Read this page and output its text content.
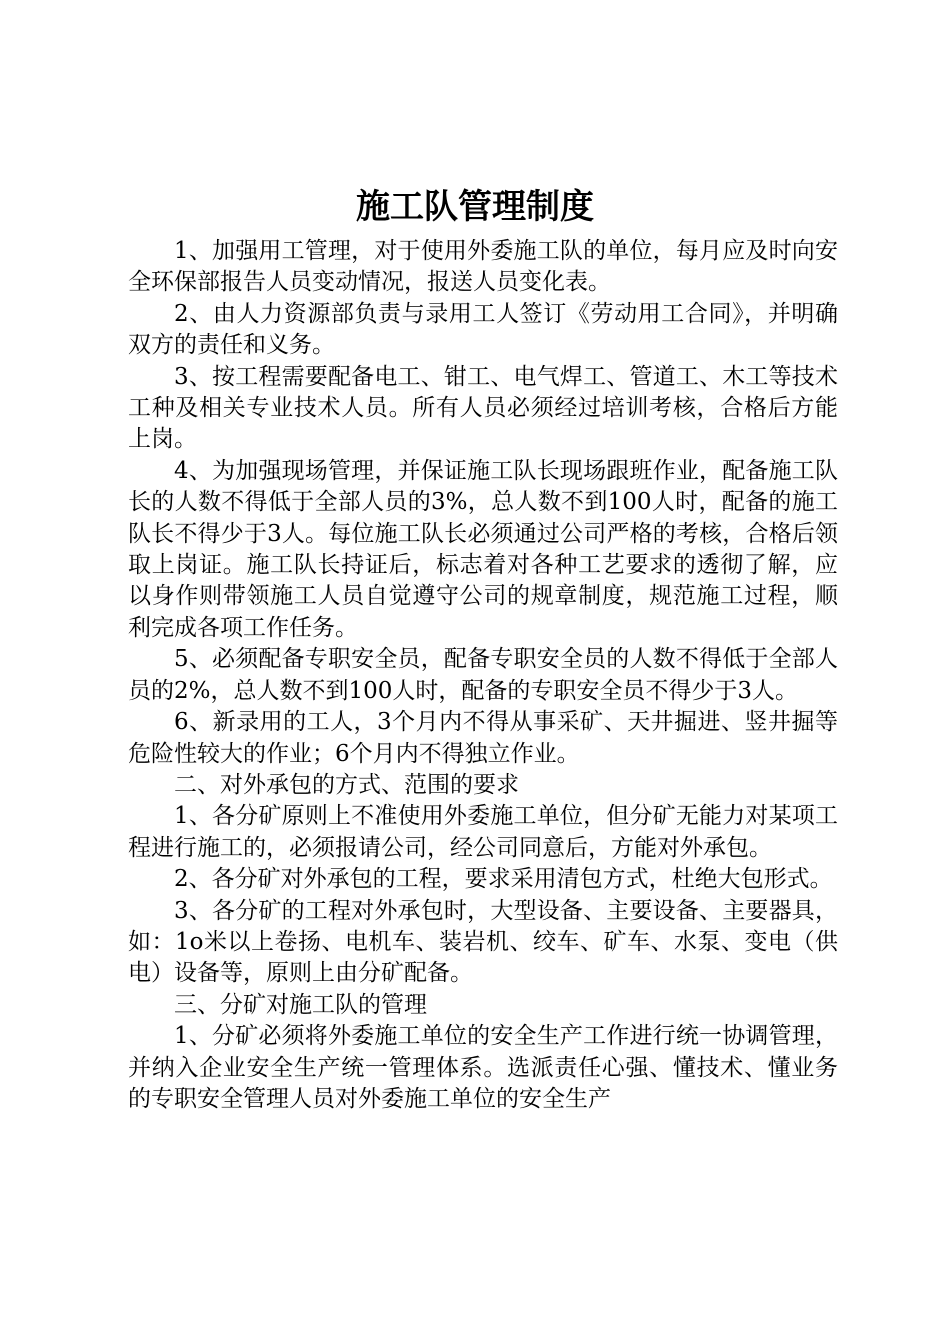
施工队管理制度

1、加强用工管理，对于使用外委施工队的单位，每月应及时向安全环保部报告人员变动情况，报送人员变化表。

2、由人力资源部负责与录用工人签订《劳动用工合同》，并明确双方的责任和义务。

3、按工程需要配备电工、钳工、电气焊工、管道工、木工等技术工种及相关专业技术人员。所有人员必须经过培训考核，合格后方能上岗。

4、为加强现场管理，并保证施工队长现场跟班作业，配备施工队长的人数不得低于全部人员的3%，总人数不到100人时，配备的施工队长不得少于3人。每位施工队长必须通过公司严格的考核，合格后领取上岗证。施工队长持证后，标志着对各种工艺要求的透彻了解，应以身作则带领施工人员自觉遵守公司的规章制度，规范施工过程，顺利完成各项工作任务。

5、必须配备专职安全员，配备专职安全员的人数不得低于全部人员的2%，总人数不到100人时，配备的专职安全员不得少于3人。

6、新录用的工人，3个月内不得从事采矿、天井掘进、竖井掘等危险性较大的作业；6个月内不得独立作业。

二、对外承包的方式、范围的要求

1、各分矿原则上不准使用外委施工单位，但分矿无能力对某项工程进行施工的，必须报请公司，经公司同意后，方能对外承包。

2、各分矿对外承包的工程，要求采用清包方式，杜绝大包形式。

3、各分矿的工程对外承包时，大型设备、主要设备、主要器具，如：1o米以上卷扬、电机车、装岩机、绞车、矿车、水泵、变电（供电）设备等，原则上由分矿配备。

三、分矿对施工队的管理

1、分矿必须将外委施工单位的安全生产工作进行统一协调管理，并纳入企业安全生产统一管理体系。选派责任心强、懂技术、懂业务的专职安全管理人员对外委施工单位的安全生产
